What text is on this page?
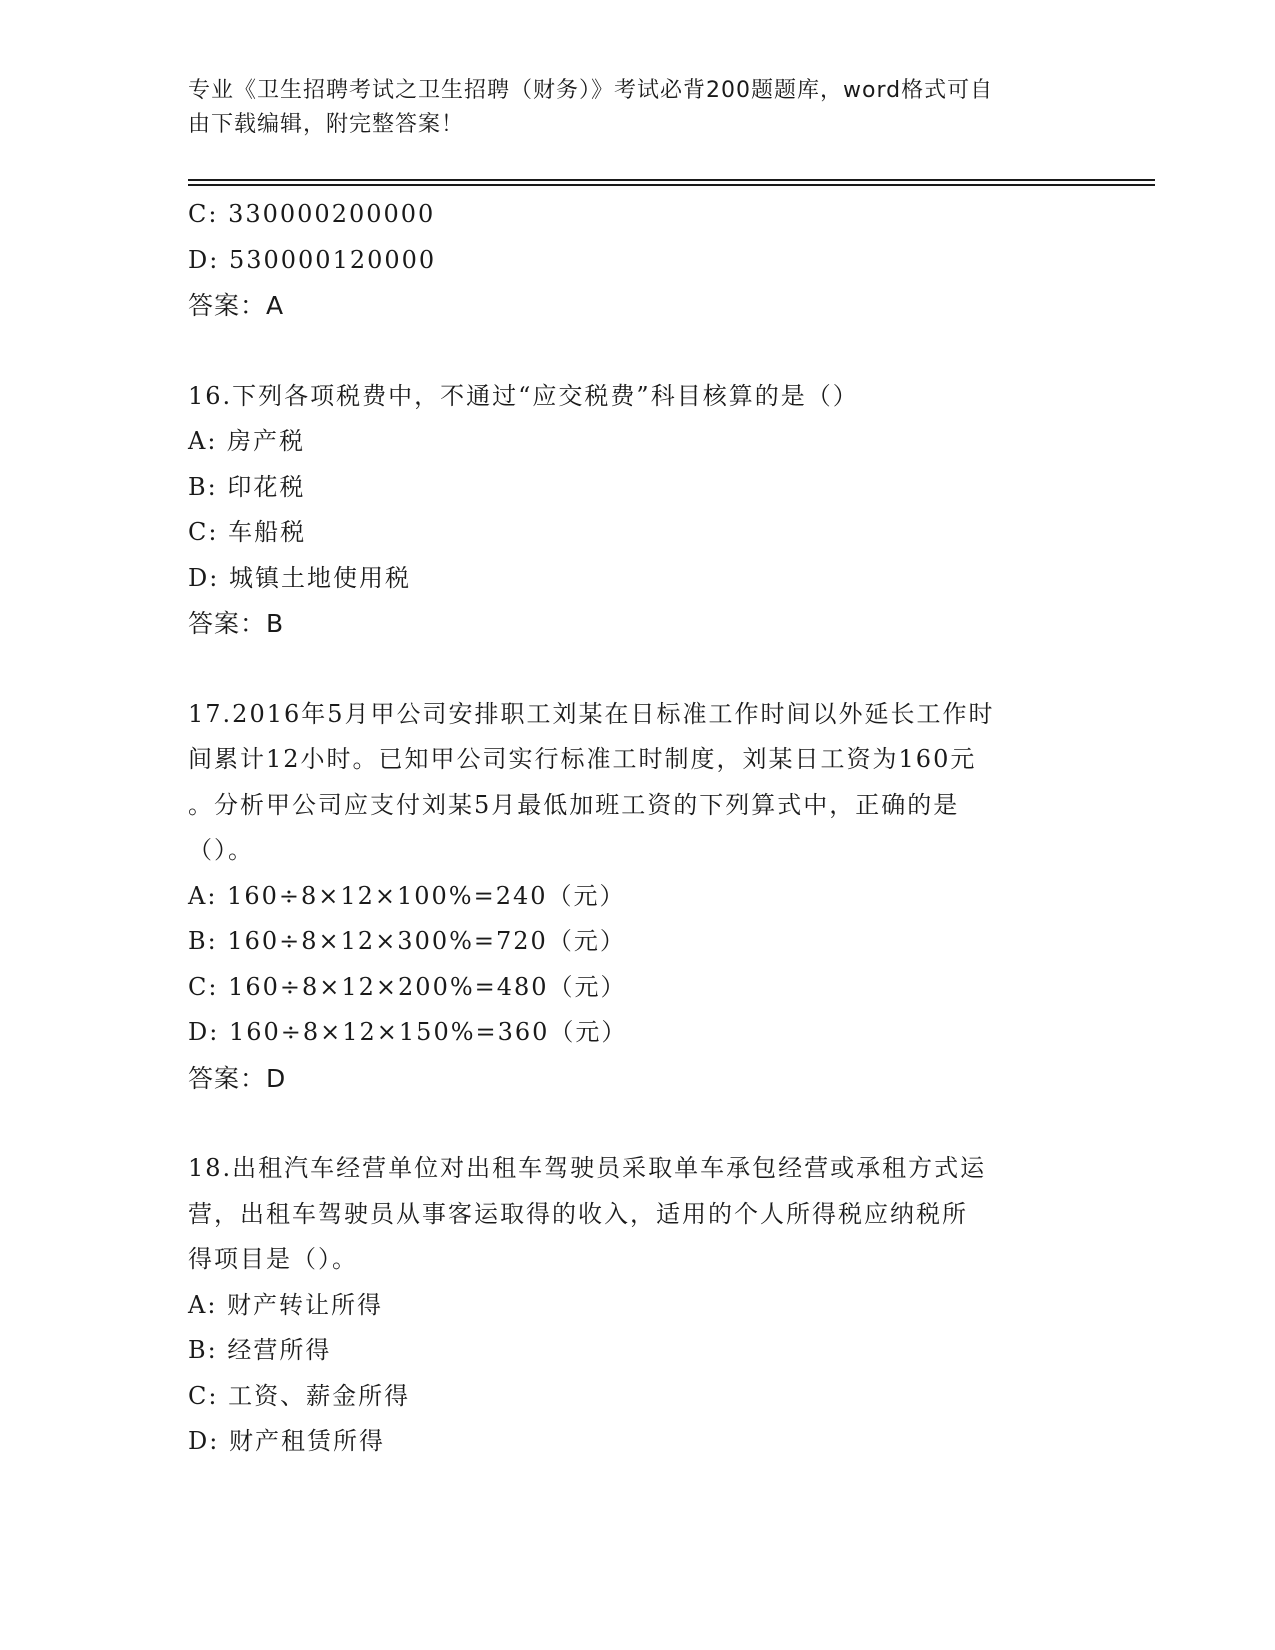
专业《卫生招聘考试之卫生招聘（财务）》考试必背200题题库，word格式可自
由下载编辑，附完整答案！
C: 330000200000
D: 530000120000
答案：A
16.下列各项税费中，不通过“应交税费”科目核算的是（）
A: 房产税
B: 印花税
C: 车船税
D: 城镇土地使用税
答案：B
17.2016年5月甲公司安排职工刘某在日标准工作时间以外延长工作时
间累计12小时。已知甲公司实行标准工时制度，刘某日工资为160元
。分析甲公司应支付刘某5月最低加班工资的下列算式中，正确的是
（）。
A: 160÷8×12×100%=240（元）
B: 160÷8×12×300%=720（元）
C: 160÷8×12×200%=480（元）
D: 160÷8×12×150%=360（元）
答案：D
18.出租汽车经营单位对出租车驾驶员采取单车承包经营或承租方式运
营，出租车驾驶员从事客运取得的收入，适用的个人所得税应纳税所
得项目是（）。
A: 财产转让所得
B: 经营所得
C: 工资、薪金所得
D: 财产租赁所得
